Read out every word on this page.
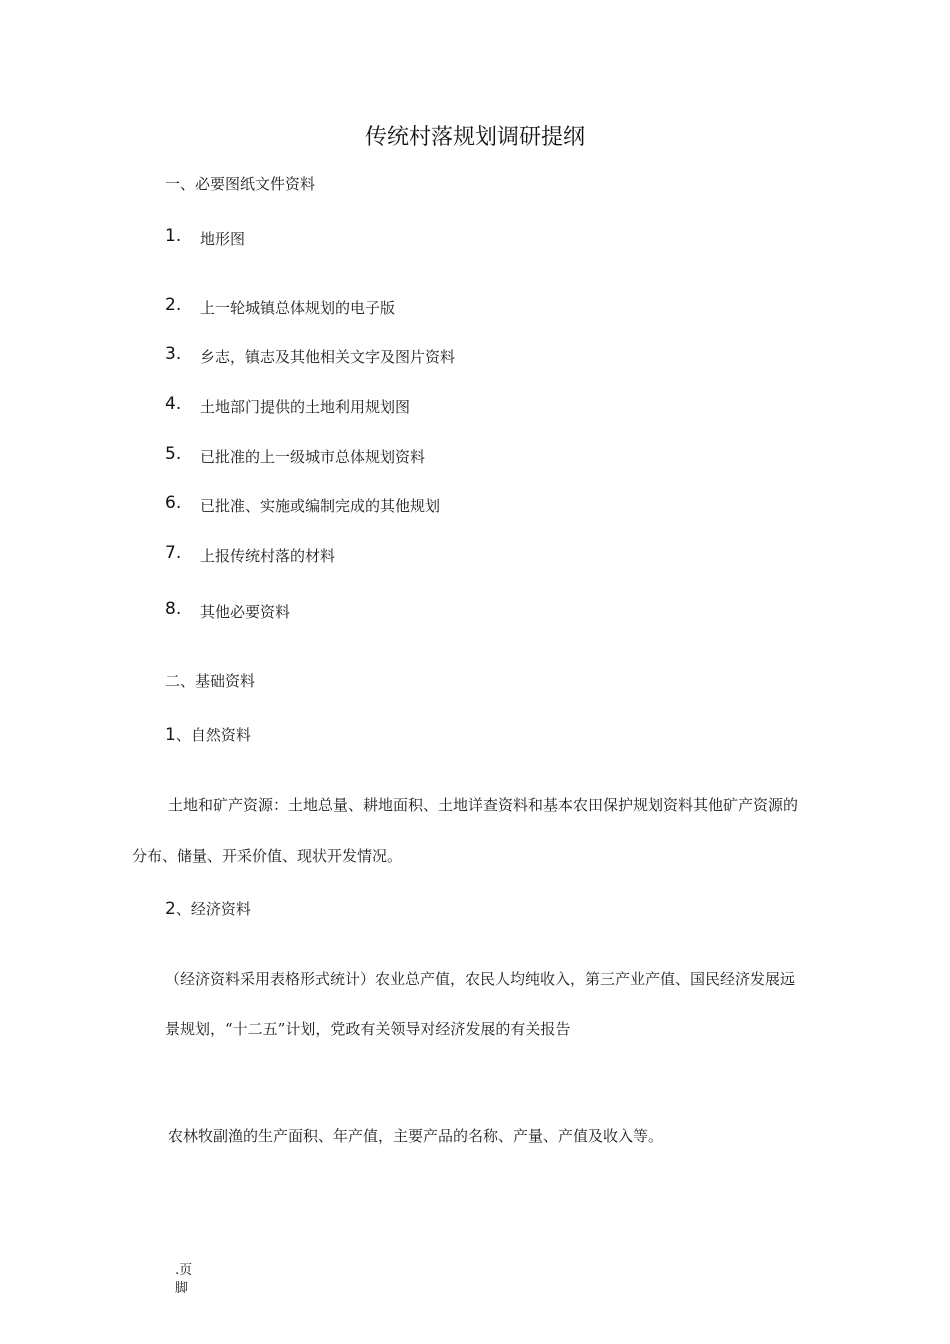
传统村落规划调研提纲
一、必要图纸文件资料
1. 地形图
2. 上一轮城镇总体规划的电子版
3. 乡志，镇志及其他相关文字及图片资料
4. 土地部门提供的土地利用规划图
5. 已批准的上一级城市总体规划资料
6. 已批准、实施或编制完成的其他规划
7. 上报传统村落的材料
8. 其他必要资料
二、基础资料
1、自然资料
土地和矿产资源：土地总量、耕地面积、土地详查资料和基本农田保护规划资料其他矿产资源的
分布、储量、开采价值、现状开发情况。
2、经济资料
（经济资料采用表格形式统计）农业总产值，农民人均纯收入，第三产业产值、国民经济发展远
景规划，“十二五”计划，党政有关领导对经济发展的有关报告
农林牧副渔的生产面积、年产值，主要产品的名称、产量、产值及收入等。
.页脚
